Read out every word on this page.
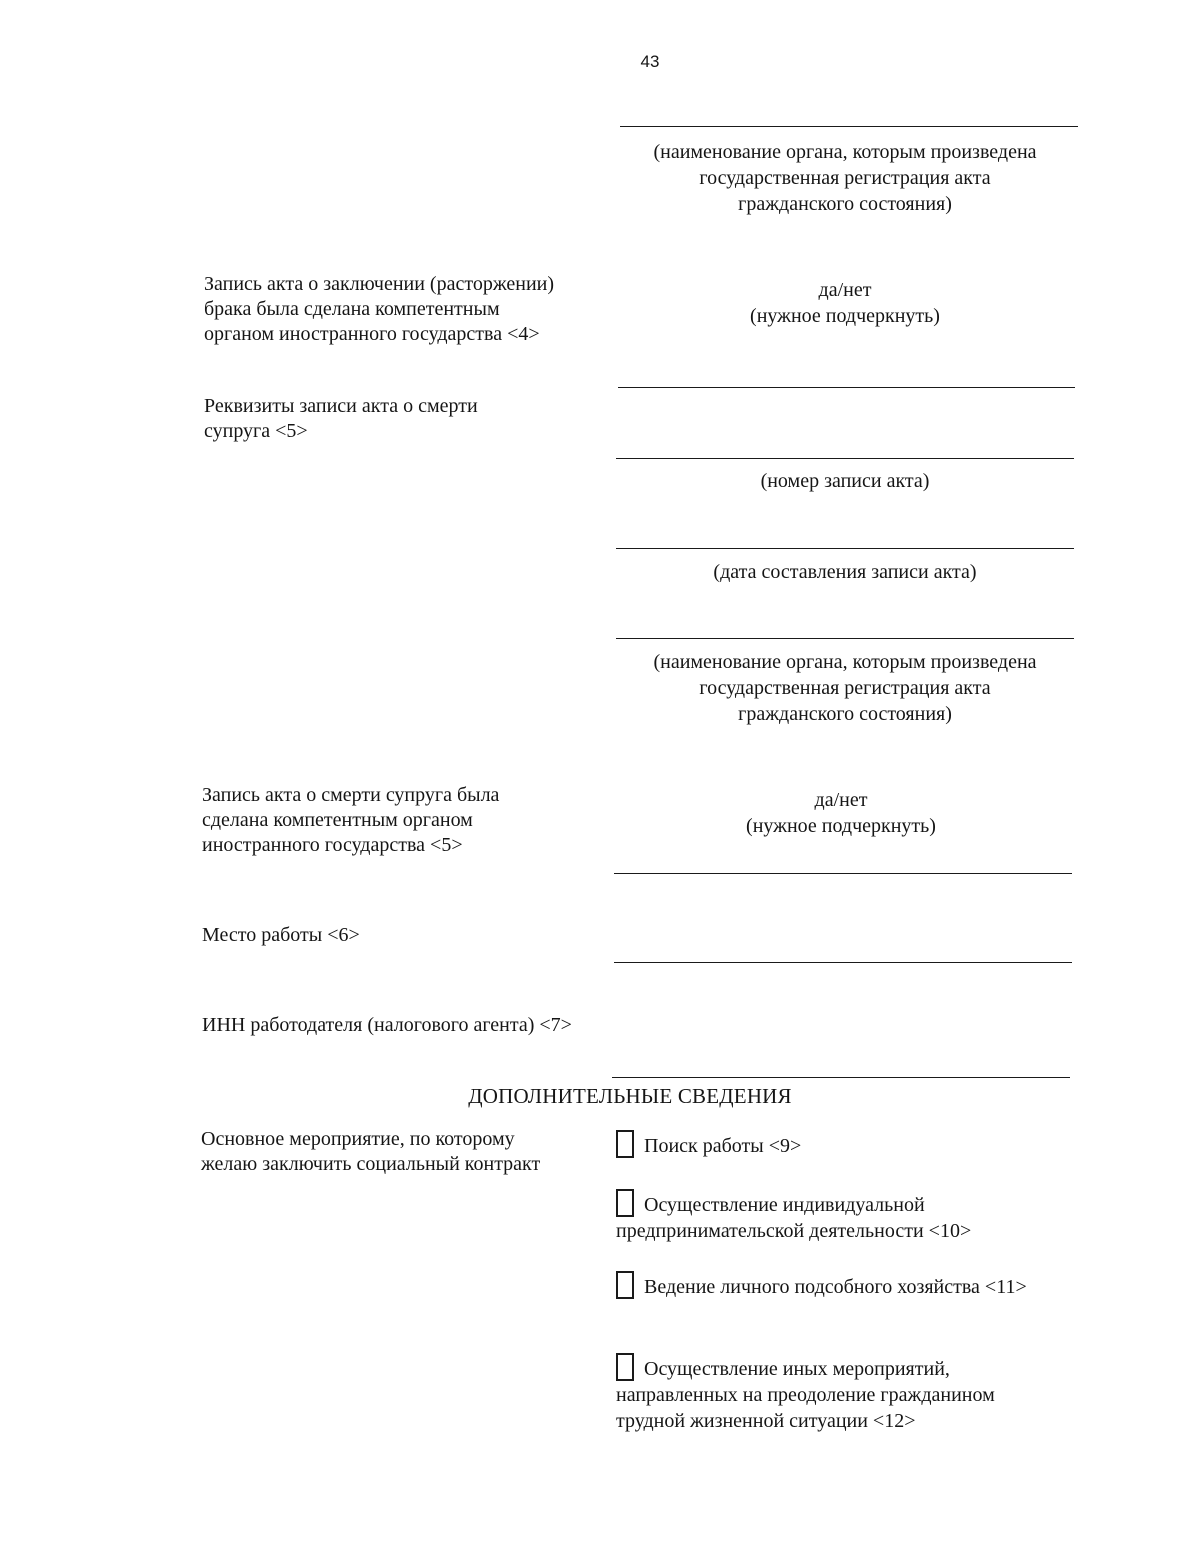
43
(наименование органа, которым произведена
государственная регистрация акта
гражданского состояния)
Запись акта о заключении (расторжении) брака была сделана компетентным органом иностранного государства <4>
да/нет
(нужное подчеркнуть)
Реквизиты записи акта о смерти супруга <5>
(номер записи акта)
(дата составления записи акта)
(наименование органа, которым произведена
государственная регистрация акта
гражданского состояния)
Запись акта о смерти супруга была сделана компетентным органом иностранного государства <5>
да/нет
(нужное подчеркнуть)
Место работы <6>
ИНН работодателя (налогового агента) <7>
ДОПОЛНИТЕЛЬНЫЕ СВЕДЕНИЯ
Основное мероприятие, по которому желаю заключить социальный контракт
Поиск работы <9>
Осуществление индивидуальной предпринимательской деятельности <10>
Ведение личного подсобного хозяйства <11>
Осуществление иных мероприятий, направленных на преодоление гражданином трудной жизненной ситуации <12>
